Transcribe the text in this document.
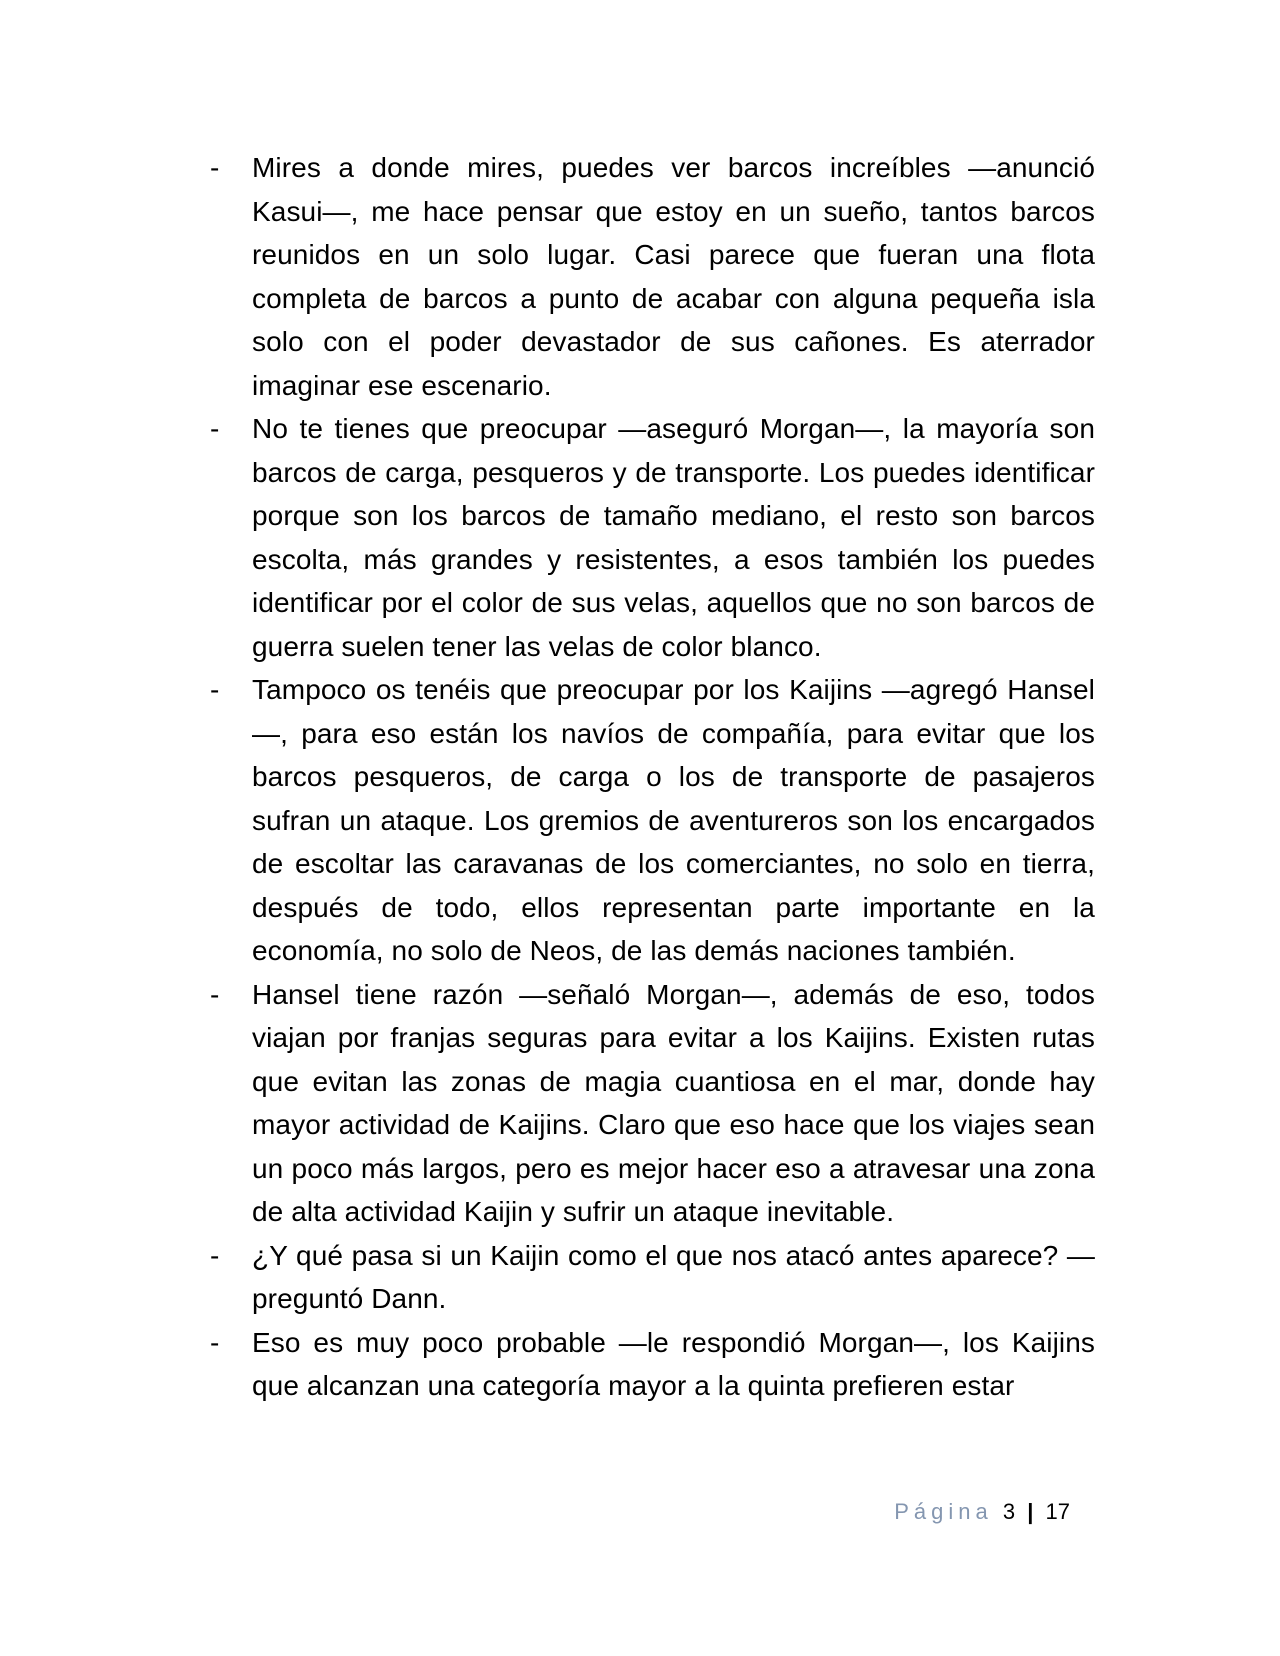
-	Mires a donde mires, puedes ver barcos increíbles —anunció Kasui—, me hace pensar que estoy en un sueño, tantos barcos reunidos en un solo lugar. Casi parece que fueran una flota completa de barcos a punto de acabar con alguna pequeña isla solo con el poder devastador de sus cañones. Es aterrador imaginar ese escenario.
-	No te tienes que preocupar —aseguró Morgan—, la mayoría son barcos de carga, pesqueros y de transporte. Los puedes identificar porque son los barcos de tamaño mediano, el resto son barcos escolta, más grandes y resistentes, a esos también los puedes identificar por el color de sus velas, aquellos que no son barcos de guerra suelen tener las velas de color blanco.
-	Tampoco os tenéis que preocupar por los Kaijins —agregó Hansel—, para eso están los navíos de compañía, para evitar que los barcos pesqueros, de carga o los de transporte de pasajeros sufran un ataque. Los gremios de aventureros son los encargados de escoltar las caravanas de los comerciantes, no solo en tierra, después de todo, ellos representan parte importante en la economía, no solo de Neos, de las demás naciones también.
-	Hansel tiene razón —señaló Morgan—, además de eso, todos viajan por franjas seguras para evitar a los Kaijins. Existen rutas que evitan las zonas de magia cuantiosa en el mar, donde hay mayor actividad de Kaijins. Claro que eso hace que los viajes sean un poco más largos, pero es mejor hacer eso a atravesar una zona de alta actividad Kaijin y sufrir un ataque inevitable.
-	¿Y qué pasa si un Kaijin como el que nos atacó antes aparece? —preguntó Dann.
-	Eso es muy poco probable —le respondió Morgan—, los Kaijins que alcanzan una categoría mayor a la quinta prefieren estar
Página 3 | 17
